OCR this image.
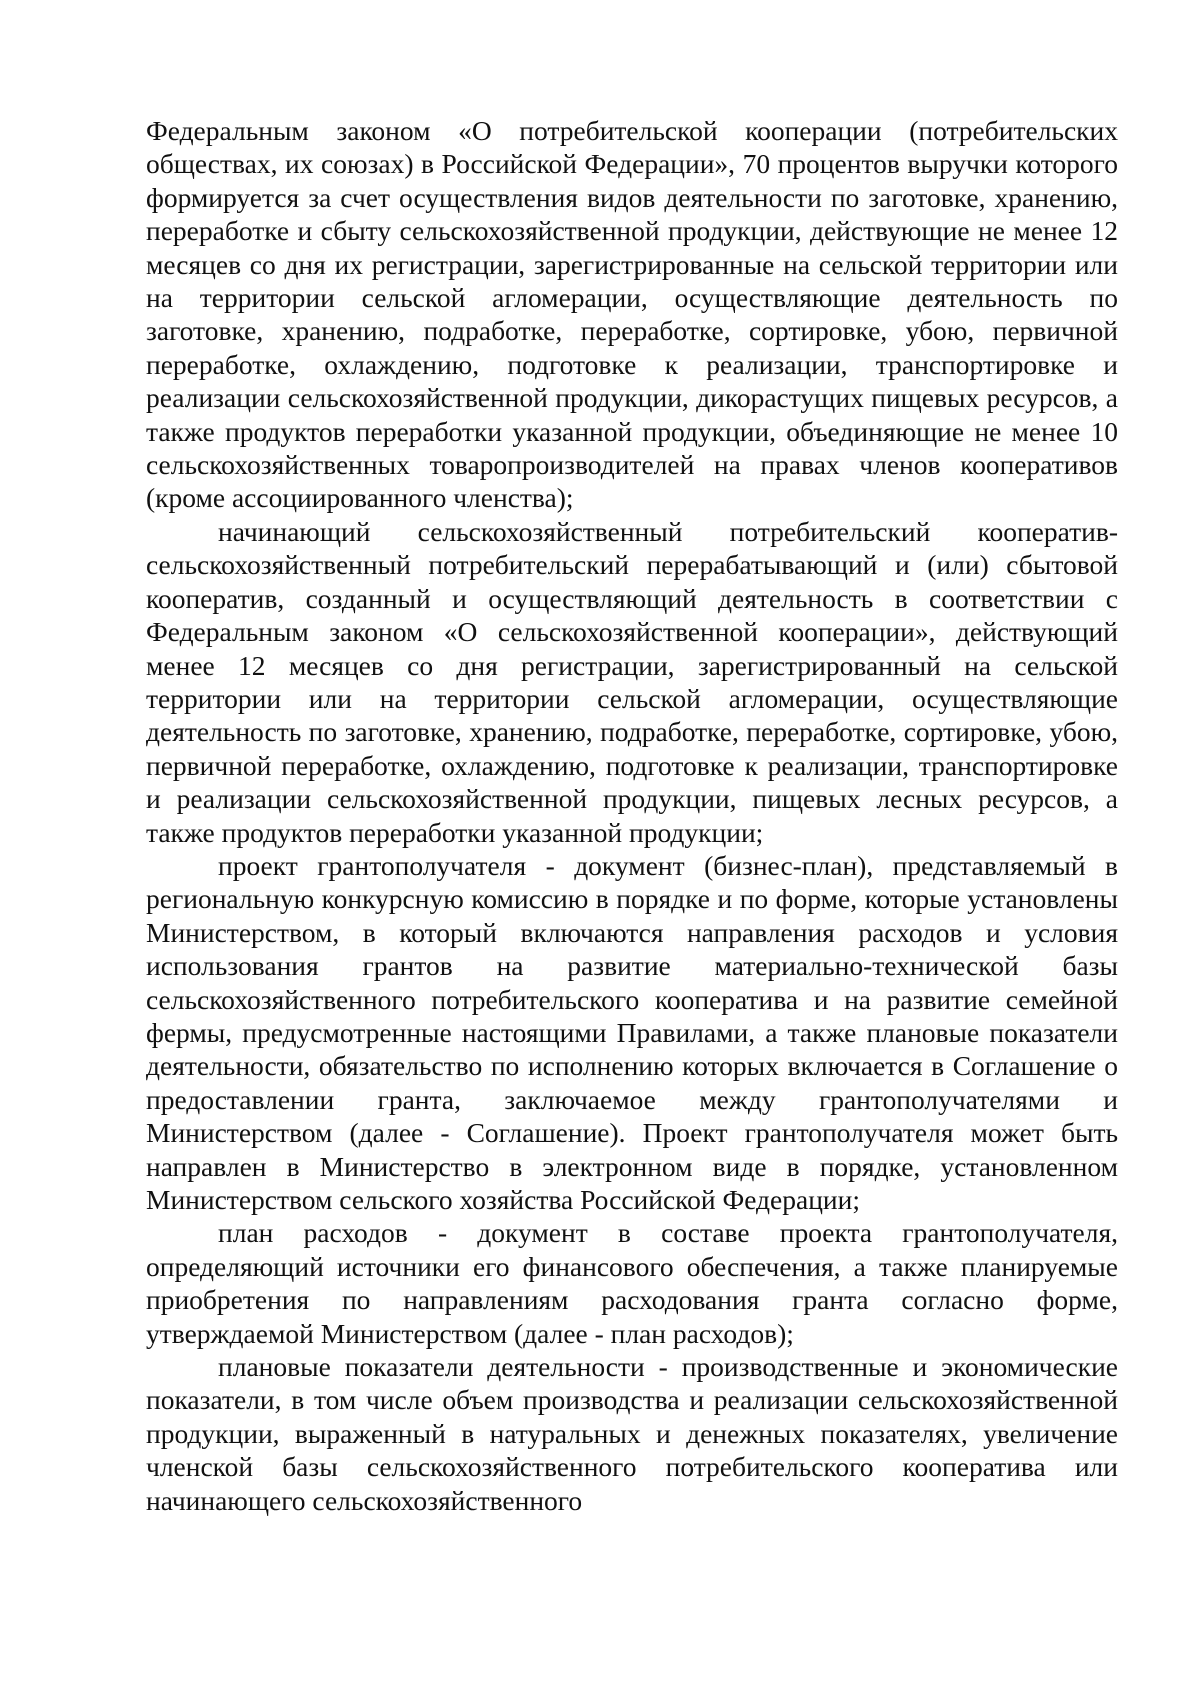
Федеральным законом «О потребительской кооперации (потребительских обществах, их союзах) в Российской Федерации», 70 процентов выручки которого формируется за счет осуществления видов деятельности по заготовке, хранению, переработке и сбыту сельскохозяйственной продукции, действующие не менее 12 месяцев со дня их регистрации, зарегистрированные на сельской территории или на территории сельской агломерации, осуществляющие деятельность по заготовке, хранению, подработке, переработке, сортировке, убою, первичной переработке, охлаждению, подготовке к реализации, транспортировке и реализации сельскохозяйственной продукции, дикорастущих пищевых ресурсов, а также продуктов переработки указанной продукции, объединяющие не менее 10 сельскохозяйственных товаропроизводителей на правах членов кооперативов (кроме ассоциированного членства);

начинающий сельскохозяйственный потребительский кооператив- сельскохозяйственный потребительский перерабатывающий и (или) сбытовой кооператив, созданный и осуществляющий деятельность в соответствии с Федеральным законом «О сельскохозяйственной кооперации», действующий менее 12 месяцев со дня регистрации, зарегистрированный на сельской территории или на территории сельской агломерации, осуществляющие деятельность по заготовке, хранению, подработке, переработке, сортировке, убою, первичной переработке, охлаждению, подготовке к реализации, транспортировке и реализации сельскохозяйственной продукции, пищевых лесных ресурсов, а также продуктов переработки указанной продукции;

проект грантополучателя - документ (бизнес-план), представляемый в региональную конкурсную комиссию в порядке и по форме, которые установлены Министерством, в который включаются направления расходов и условия использования грантов на развитие материально-технической базы сельскохозяйственного потребительского кооператива и на развитие семейной фермы, предусмотренные настоящими Правилами, а также плановые показатели деятельности, обязательство по исполнению которых включается в Соглашение о предоставлении гранта, заключаемое между грантополучателями и Министерством (далее - Соглашение). Проект грантополучателя может быть направлен в Министерство в электронном виде в порядке, установленном Министерством сельского хозяйства Российской Федерации;

план расходов - документ в составе проекта грантополучателя, определяющий источники его финансового обеспечения, а также планируемые приобретения по направлениям расходования гранта согласно форме, утверждаемой Министерством (далее - план расходов);

плановые показатели деятельности - производственные и экономические показатели, в том числе объем производства и реализации сельскохозяйственной продукции, выраженный в натуральных и денежных показателях, увеличение членской базы сельскохозяйственного потребительского кооператива или начинающего сельскохозяйственного
